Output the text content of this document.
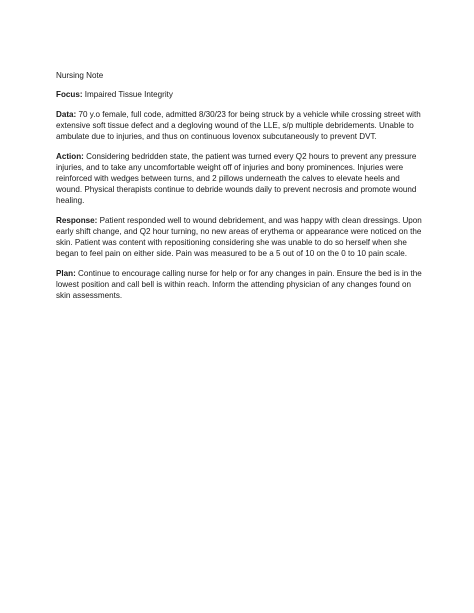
Nursing Note

Focus: Impaired Tissue Integrity

Data: 70 y.o female, full code, admitted 8/30/23 for being struck by a vehicle while crossing street with extensive soft tissue defect and a degloving wound of the LLE, s/p multiple debridements. Unable to ambulate due to injuries, and thus on continuous lovenox subcutaneously to prevent DVT.

Action: Considering bedridden state, the patient was turned every Q2 hours to prevent any pressure injuries, and to take any uncomfortable weight off of injuries and bony prominences. Injuries were reinforced with wedges between turns, and 2 pillows underneath the calves to elevate heels and wound. Physical therapists continue to debride wounds daily to prevent necrosis and promote wound healing.

Response: Patient responded well to wound debridement, and was happy with clean dressings. Upon early shift change, and Q2 hour turning, no new areas of erythema or appearance were noticed on the skin. Patient was content with repositioning considering she was unable to do so herself when she began to feel pain on either side. Pain was measured to be a 5 out of 10 on the 0 to 10 pain scale.

Plan: Continue to encourage calling nurse for help or for any changes in pain. Ensure the bed is in the lowest position and call bell is within reach. Inform the attending physician of any changes found on skin assessments.
